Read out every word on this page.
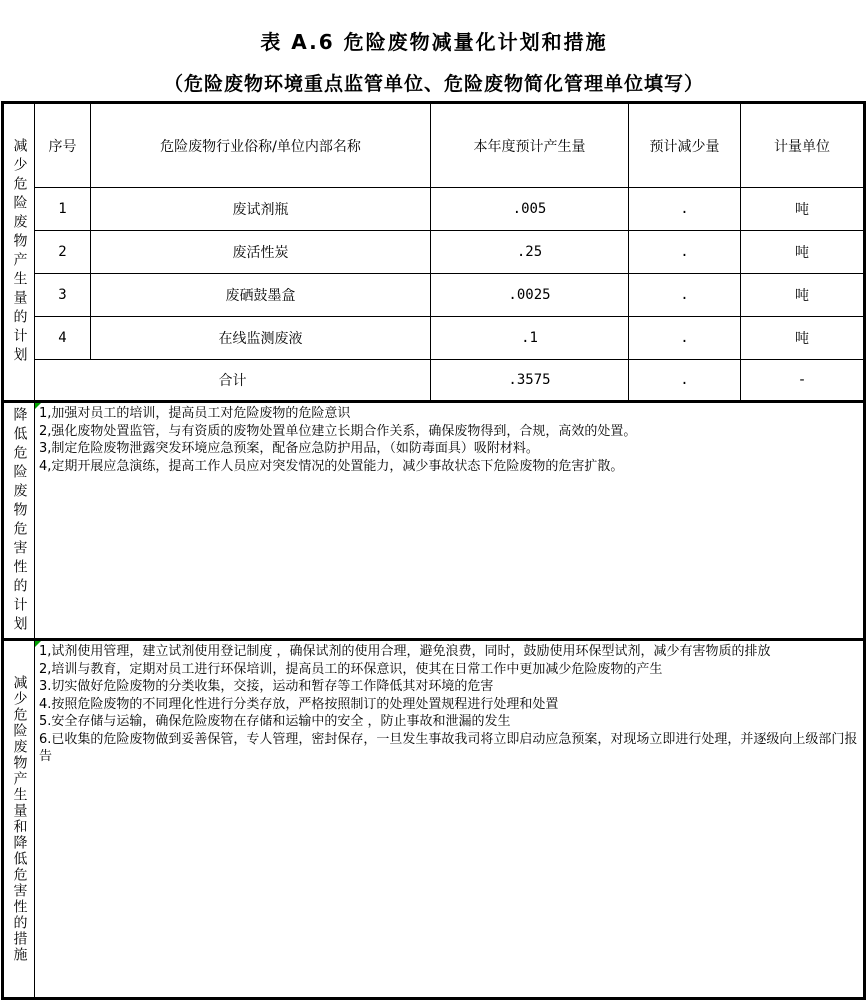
表 A.6 危险废物减量化计划和措施
（危险废物环境重点监管单位、危险废物简化管理单位填写）
减少危险废物产生量的计划	序号	危险废物行业俗称/单位内部名称	本年度预计产生量	预计减少量	计量单位
1	废试剂瓶	.005	.	吨
2	废活性炭	.25	.	吨
3	废硒鼓墨盒	.0025	.	吨
4	在线监测废液	.1	.	吨
合计	.3575	.	-
降低危险废物危害性的计划 1,加强对员工的培训，提高员工对危险废物的危险意识
2,强化废物处置监管，与有资质的废物处置单位建立长期合作关系，确保废物得到，合规，高效的处置。
3,制定危险废物泄露突发环境应急预案，配备应急防护用品，（如防毒面具）吸附材料。
4,定期开展应急演练，提高工作人员应对突发情况的处置能力，减少事故状态下危险废物的危害扩散。
减少危险废物产生量和降低危害性的措施
1,试剂使用管理，建立试剂使用登记制度 ，确保试剂的使用合理，避免浪费，同时，鼓励使用环保型试剂，减少有害物质的排放
2,培训与教育，定期对员工进行环保培训，提高员工的环保意识，使其在日常工作中更加减少危险废物的产生
3.切实做好危险废物的分类收集，交接，运动和暂存等工作降低其对环境的危害
4.按照危险废物的不同理化性进行分类存放，严格按照制订的处理处置规程进行处理和处置
5.安全存储与运输，确保危险废物在存储和运输中的安全 ，防止事故和泄漏的发生
6.已收集的危险废物做到妥善保管，专人管理，密封保存，一旦发生事故我司将立即启动应急预案，对现场立即进行处理，并逐级向上级部门报告
